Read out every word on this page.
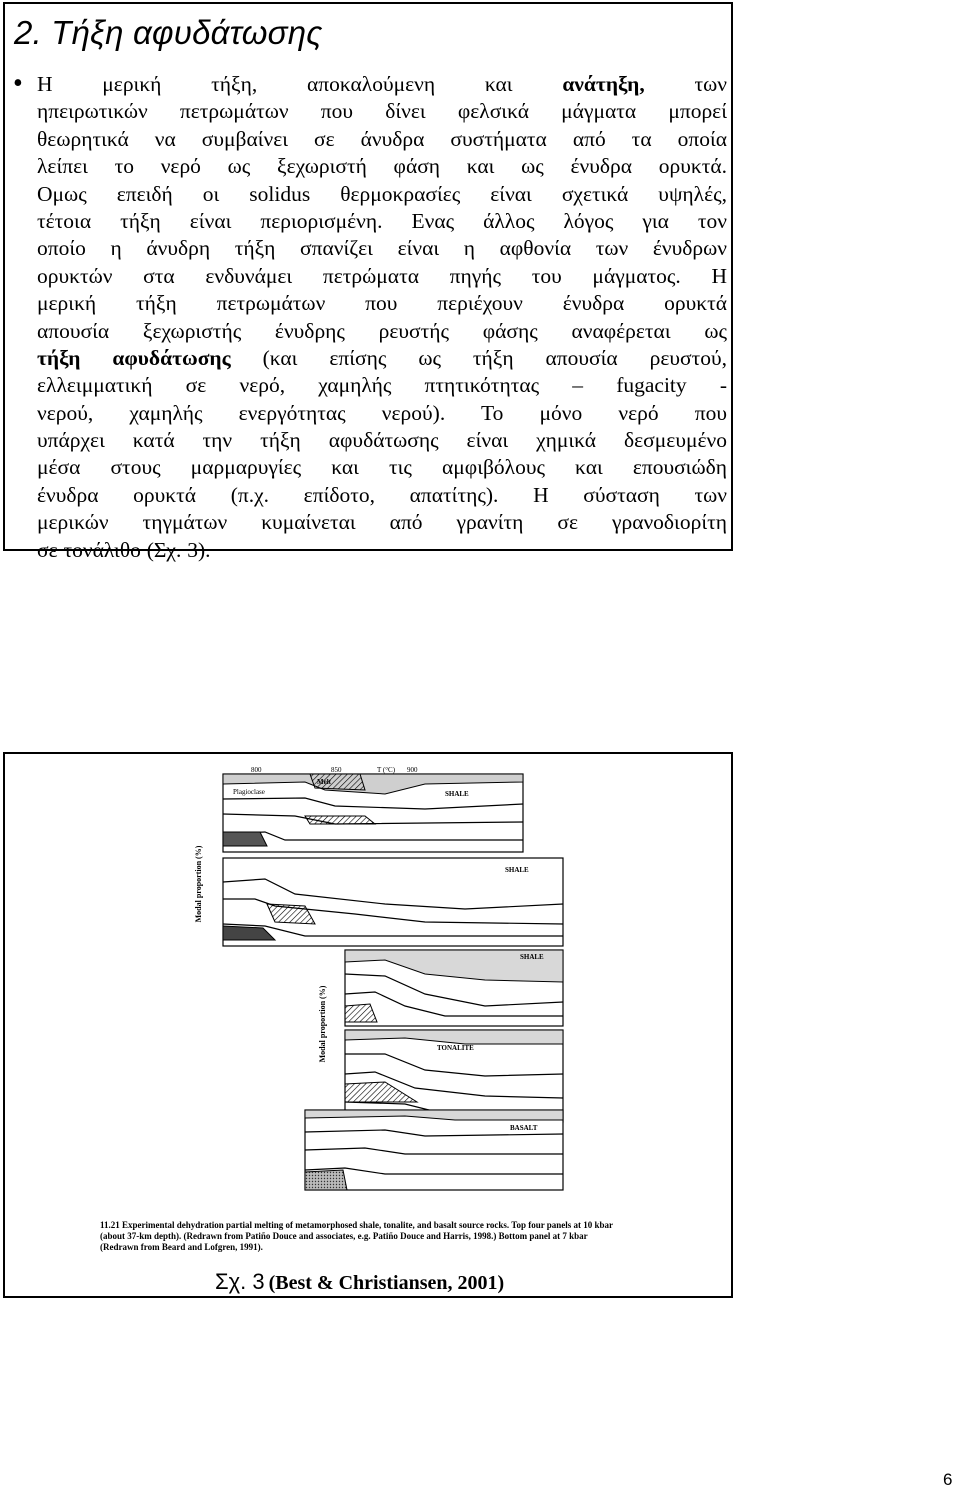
2. Τήξη αφυδάτωσης
• Η μερική τήξη, αποκαλούμενη και ανάτηξη, των
ηπειρωτικών πετρωμάτων που δίνει φελσικά μάγματα μπορεί
θεωρητικά να συμβαίνει σε άνυδρα συστήματα από τα οποία
λείπει το νερό ως ξεχωριστή φάση και ως ένυδρα ορυκτά.
Ομως επειδή οι solidus θερμοκρασίες είναι σχετικά υψηλές,
τέτοια τήξη είναι περιορισμένη. Ενας άλλος λόγος για τον
οποίο η άνυδρη τήξη σπανίζει είναι η αφθονία των ένυδρων
ορυκτών στα ενδυνάμει πετρώματα πηγής του μάγματος. Η
μερική τήξη πετρωμάτων που περιέχουν ένυδρα ορυκτά
απουσία ξεχωριστής ένυδρης ρευστής φάσης αναφέρεται ως
τήξη αφυδάτωσης (και επίσης ως τήξη απουσία ρευστού,
ελλειμματική σε νερό, χαμηλής πτητικότητας – fugacity -
νερού, χαμηλής ενεργότητας νερού). Το μόνο νερό που
υπάρχει κατά την τήξη αφυδάτωσης είναι χημικά δεσμευμένο
μέσα στους μαρμαρυγίες και τις αμφιβόλους και επουσιώδη
ένυδρα ορυκτά (π.χ. επίδοτο, απατίτης). Η σύσταση των
μερικών τηγμάτων κυμαίνεται από γρανίτη σε γρανοδιορίτη
σε τονάλιθο (Σχ. 3).
Modal proportion (%)
Modal proportion (%)
Plagioclase
Melt
SHALE
SHALE
SHALE
TONALITE
BASALT
800	850	T (°C) 900
11.21 Experimental dehydration partial melting of metamorphosed shale, tonalite, and basalt source rocks. Top four panels at 10 kbar (about 37-km depth). (Redrawn from Patiño Douce and associates, e.g. Patiño Douce and Harris, 1998.) Bottom panel at 7 kbar (Redrawn from Beard and Lofgren, 1991).
Σχ. 3 (Best & Christiansen, 2001)
6
